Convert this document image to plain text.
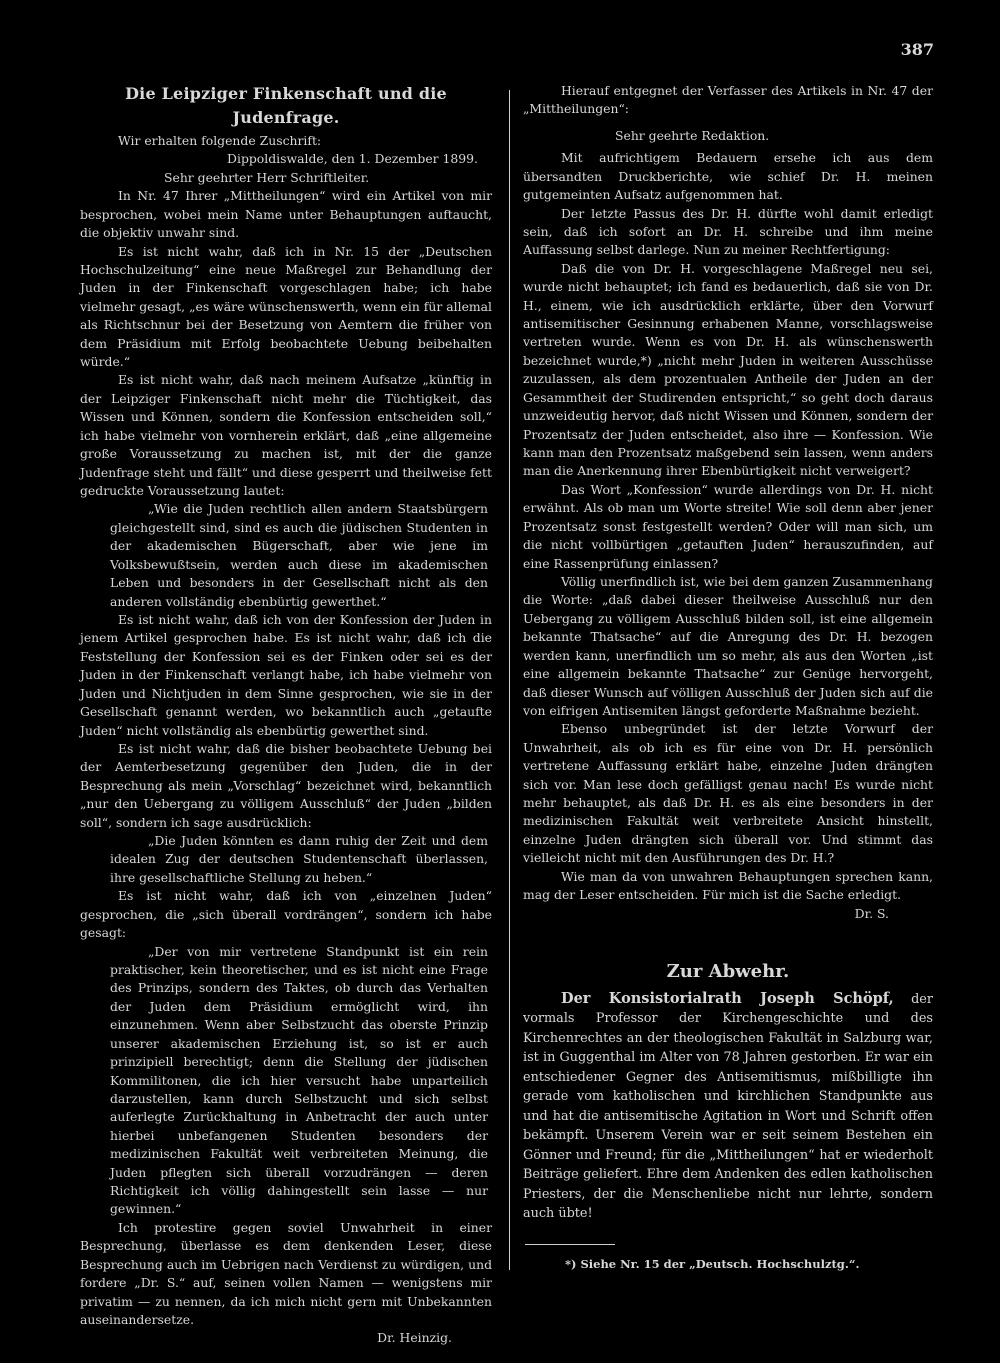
387

Die Leipziger Finkenschaft und die Judenfrage.

Wir erhalten folgende Zuschrift:

Dippoldiswalde, den 1. Dezember 1899.

Sehr geehrter Herr Schriftleiter.

In Nr. 47 Ihrer „Mittheilungen“ wird ein Artikel von mir besprochen, wobei mein Name unter Behauptungen auftaucht, die objektiv unwahr sind.

Es ist nicht wahr, daß ich in Nr. 15 der „Deutschen Hochschulzeitung“ eine neue Maßregel zur Behandlung der Juden in der Finkenschaft vorgeschlagen habe; ich habe vielmehr gesagt, „es wäre wünschenswerth, wenn ein für allemal als Richtschnur bei der Besetzung von Aemtern die früher von dem Präsidium mit Erfolg beobachtete Uebung beibehalten würde.“

Es ist nicht wahr, daß nach meinem Aufsatze „künftig in der Leipziger Finkenschaft nicht mehr die Tüchtigkeit, das Wissen und Können, sondern die Konfession entscheiden soll,“ ich habe vielmehr von vornherein erklärt, daß „eine allgemeine große Voraussetzung zu machen ist, mit der die ganze Judenfrage steht und fällt“ und diese gesperrt und theilweise fett gedruckte Voraussetzung lautet:

„Wie die Juden rechtlich allen andern Staatsbürgern gleichgestellt sind, sind es auch die jüdischen Studenten in der akademischen Bügerschaft, aber wie jene im Volksbewußtsein, werden auch diese im akademischen Leben und besonders in der Gesellschaft nicht als den anderen vollständig ebenbürtig gewerthet.“

Es ist nicht wahr, daß ich von der Konfession der Juden in jenem Artikel gesprochen habe. Es ist nicht wahr, daß ich die Feststellung der Konfession sei es der Finken oder sei es der Juden in der Finkenschaft verlangt habe, ich habe vielmehr von Juden und Nichtjuden in dem Sinne gesprochen, wie sie in der Gesellschaft genannt werden, wo bekanntlich auch „getaufte Juden“ nicht vollständig als ebenbürtig gewerthet sind.

Es ist nicht wahr, daß die bisher beobachtete Uebung bei der Aemterbesetzung gegenüber den Juden, die in der Besprechung als mein „Vorschlag“ bezeichnet wird, bekanntlich „nur den Uebergang zu völligem Ausschluß“ der Juden „bilden soll“, sondern ich sage ausdrücklich:

„Die Juden könnten es dann ruhig der Zeit und dem idealen Zug der deutschen Studentenschaft überlassen, ihre gesellschaftliche Stellung zu heben.“

Es ist nicht wahr, daß ich von „einzelnen Juden“ gesprochen, die „sich überall vordrängen“, sondern ich habe gesagt:

„Der von mir vertretene Standpunkt ist ein rein praktischer, kein theoretischer, und es ist nicht eine Frage des Prinzips, sondern des Taktes, ob durch das Verhalten der Juden dem Präsidium ermöglicht wird, ihn einzunehmen. Wenn aber Selbstzucht das oberste Prinzip unserer akademischen Erziehung ist, so ist er auch prinzipiell berechtigt; denn die Stellung der jüdischen Kommilitonen, die ich hier versucht habe unparteilich darzustellen, kann durch Selbstzucht und sich selbst auferlegte Zurückhaltung in Anbetracht der auch unter hierbei unbefangenen Studenten besonders der medizinischen Fakultät weit verbreiteten Meinung, die Juden pflegten sich überall vorzudrängen — deren Richtigkeit ich völlig dahingestellt sein lasse — nur gewinnen.“

Ich protestire gegen soviel Unwahrheit in einer Besprechung, überlasse es dem denkenden Leser, diese Besprechung auch im Uebrigen nach Verdienst zu würdigen, und fordere „Dr. S.“ auf, seinen vollen Namen — wenigstens mir privatim — zu nennen, da ich mich nicht gern mit Unbekannten auseinandersetze.

Dr. Heinzig.

Hierauf entgegnet der Verfasser des Artikels in Nr. 47 der „Mittheilungen“:

Sehr geehrte Redaktion.

Mit aufrichtigem Bedauern ersehe ich aus dem übersandten Druckberichte, wie schief Dr. H. meinen gutgemeinten Aufsatz aufgenommen hat.

Der letzte Passus des Dr. H. dürfte wohl damit erledigt sein, daß ich sofort an Dr. H. schreibe und ihm meine Auffassung selbst darlege. Nun zu meiner Rechtfertigung:

Daß die von Dr. H. vorgeschlagene Maßregel neu sei, wurde nicht behauptet; ich fand es bedauerlich, daß sie von Dr. H., einem, wie ich ausdrücklich erklärte, über den Vorwurf antisemitischer Gesinnung erhabenen Manne, vorschlagsweise vertreten wurde. Wenn es von Dr. H. als wünschenswerth bezeichnet wurde,*) „nicht mehr Juden in weiteren Ausschüsse zuzulassen, als dem prozentualen Antheile der Juden an der Gesammtheit der Studirenden entspricht,“ so geht doch daraus unzweideutig hervor, daß nicht Wissen und Können, sondern der Prozentsatz der Juden entscheidet, also ihre — Konfession. Wie kann man den Prozentsatz maßgebend sein lassen, wenn anders man die Anerkennung ihrer Ebenbürtigkeit nicht verweigert?

Das Wort „Konfession“ wurde allerdings von Dr. H. nicht erwähnt. Als ob man um Worte streite! Wie soll denn aber jener Prozentsatz sonst festgestellt werden? Oder will man sich, um die nicht vollbürtigen „getauften Juden“ herauszufinden, auf eine Rassenprüfung einlassen?

Völlig unerfindlich ist, wie bei dem ganzen Zusammenhang die Worte: „daß dabei dieser theilweise Ausschluß nur den Uebergang zu völligem Ausschluß bilden soll, ist eine allgemein bekannte Thatsache“ auf die Anregung des Dr. H. bezogen werden kann, unerfindlich um so mehr, als aus den Worten „ist eine allgemein bekannte Thatsache“ zur Genüge hervorgeht, daß dieser Wunsch auf völligen Ausschluß der Juden sich auf die von eifrigen Antisemiten längst geforderte Maßnahme bezieht.

Ebenso unbegründet ist der letzte Vorwurf der Unwahrheit, als ob ich es für eine von Dr. H. persönlich vertretene Auffassung erklärt habe, einzelne Juden drängten sich vor. Man lese doch gefälligst genau nach! Es wurde nicht mehr behauptet, als daß Dr. H. es als eine besonders in der medizinischen Fakultät weit verbreitete Ansicht hinstellt, einzelne Juden drängten sich überall vor. Und stimmt das vielleicht nicht mit den Ausführungen des Dr. H.?

Wie man da von unwahren Behauptungen sprechen kann, mag der Leser entscheiden. Für mich ist die Sache erledigt.

Dr. S.

Zur Abwehr.

Der Konsistorialrath Joseph Schöpf, der vormals Professor der Kirchengeschichte und des Kirchenrechtes an der theologischen Fakultät in Salzburg war, ist in Guggenthal im Alter von 78 Jahren gestorben. Er war ein entschiedener Gegner des Antisemitismus, mißbilligte ihn gerade vom katholischen und kirchlichen Standpunkte aus und hat die antisemitische Agitation in Wort und Schrift offen bekämpft. Unserem Verein war er seit seinem Bestehen ein Gönner und Freund; für die „Mittheilungen“ hat er wiederholt Beiträge geliefert. Ehre dem Andenken des edlen katholischen Priesters, der die Menschenliebe nicht nur lehrte, sondern auch übte!

*) Siehe Nr. 15 der „Deutsch. Hochschulztg.“.
